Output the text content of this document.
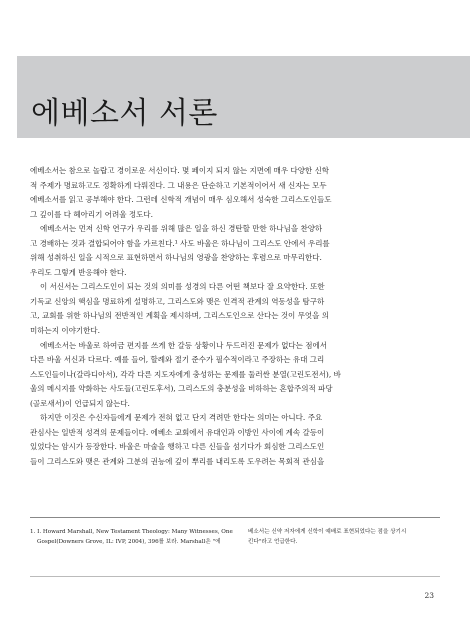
에베소서 서론
에베소서는 참으로 놀랍고 경이로운 서신이다. 몇 페이지 되지 않는 지면에 매우 다양한 신학
적 주제가 명료하고도 정확하게 다뤄진다. 그 내용은 단순하고 기본적이어서 새 신자는 모두
에베소서를 읽고 공부해야 한다. 그런데 신학적 개념이 매우 심오해서 성숙한 그리스도인들도
그 깊이를 다 헤아리기 어려울 정도다.
에베소서는 먼저 신학 연구가 우리를 위해 많은 일을 하신 경탄할 만한 하나님을 찬양하
고 경배하는 것과 결합되어야 함을 가르친다.¹ 사도 바울은 하나님이 그리스도 안에서 우리를
위해 성취하신 일을 시적으로 표현하면서 하나님의 영광을 찬양하는 후렴으로 마무리한다.
우리도 그렇게 반응해야 한다.
이 서신서는 그리스도인이 되는 것의 의미를 성경의 다른 어떤 책보다 잘 요약한다. 또한
기독교 신앙의 핵심을 명료하게 설명하고, 그리스도와 맺은 인격적 관계의 역동성을 탐구하
고, 교회를 위한 하나님의 전반적인 계획을 제시하며, 그리스도인으로 산다는 것이 무엇을 의
미하는지 이야기한다.
에베소서는 바울로 하여금 편지를 쓰게 한 갈등 상황이나 두드러진 문제가 없다는 점에서
다른 바울 서신과 다르다. 예를 들어, 할례와 절기 준수가 필수적이라고 주장하는 유대 그리
스도인들이나(갈라디아서), 각각 다른 지도자에게 충성하는 문제를 둘러싼 분열(고린도전서), 바
울의 메시지를 약화하는 사도들(고린도후서), 그리스도의 충분성을 비하하는 혼합주의적 파당
(골로새서)이 언급되지 않는다.
하지만 이것은 수신자들에게 문제가 전혀 없고 단지 격려만 한다는 의미는 아니다. 주요
관심사는 일반적 성격의 문제들이다. 에베소 교회에서 유대인과 이방인 사이에 계속 갈등이
있었다는 암시가 등장한다. 바울은 마술을 행하고 다른 신들을 섬기다가 회심한 그리스도인
들이 그리스도와 맺은 관계와 그분의 권능에 깊이 뿌리를 내리도록 도우려는 목회적 관심을
1. I. Howard Marshall, New Testament Theology: Many Witnesses, One
Gospel(Downers Grove, IL: IVP, 2004), 396를 보라. Marshall은 "에
베소서는 신약 저자에게 신학이 예배로 표현되었다는 점을 상기시
킨다"라고 언급한다.
23
